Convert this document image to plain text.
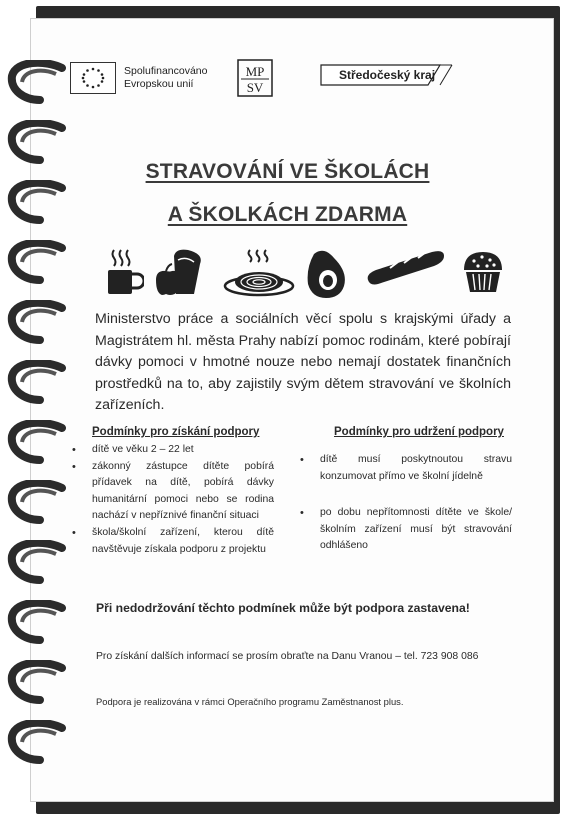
Spolufinancováno
Evropskou unií
MP
SV
Středočeský kraj
STRAVOVÁNÍ VE ŠKOLÁCH
A ŠKOLKÁCH ZDARMA
Ministerstvo práce a sociálních věcí spolu s krajskými úřady a Magistrátem hl. města Prahy nabízí pomoc rodinám, které pobírají dávky pomoci v hmotné nouze nebo nemají dostatek finančních prostředků na to, aby zajistily svým dětem stravování ve školních zařízeních.
Podmínky pro získání podpory
• dítě ve věku 2 – 22 let
• zákonný zástupce dítěte pobírá přídavek na dítě, pobírá dávky humanitární pomoci nebo se rodina nachází v nepříznivé finanční situaci
• škola/školní zařízení, kterou dítě navštěvuje získala podporu z projektu
Podmínky pro udržení podpory
• dítě musí poskytnoutou stravu konzumovat přímo ve školní jídelně
• po dobu nepřítomnosti dítěte ve škole/školním zařízení musí být stravování odhlášeno
Při nedodržování těchto podmínek může být podpora zastavena!
Pro získání dalších informací se prosím obraťte na Danu Vranou – tel. 723 908 086
Podpora je realizována v rámci Operačního programu Zaměstnanost plus.
